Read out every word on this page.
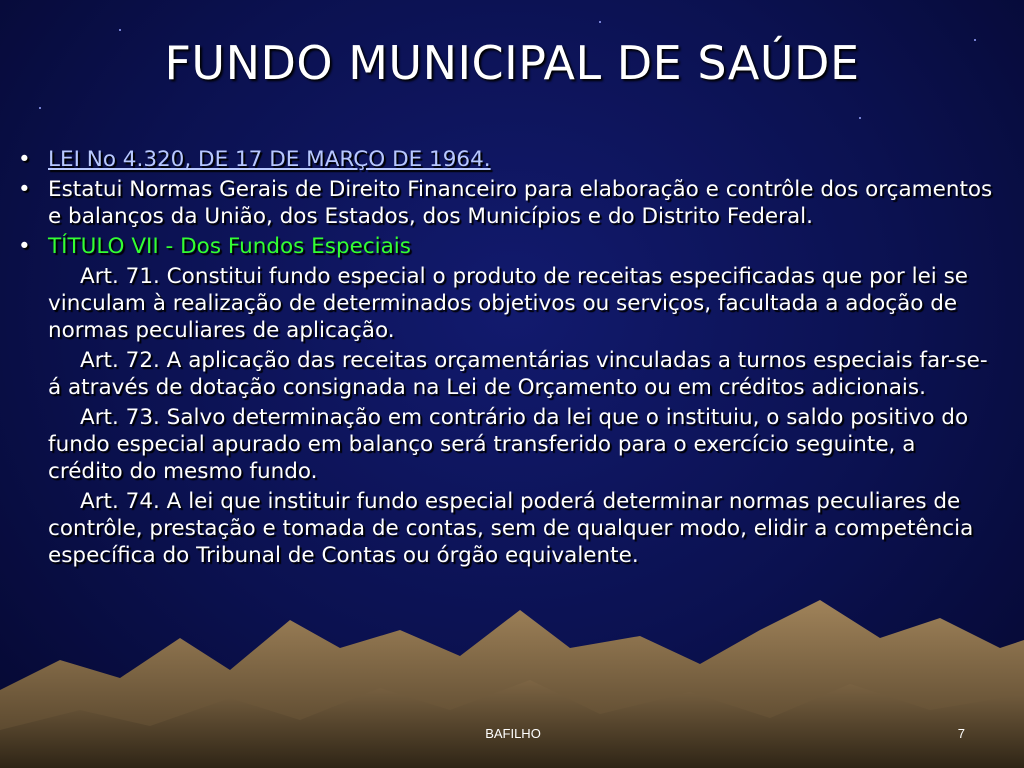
FUNDO MUNICIPAL DE SAÚDE
• LEI No 4.320, DE 17 DE MARÇO DE 1964.
• Estatui Normas Gerais de Direito Financeiro para elaboração e contrôle dos orçamentos e balanços da União, dos Estados, dos Municípios e do Distrito Federal.
• TÍTULO VII - Dos Fundos Especiais

Art. 71. Constitui fundo especial o produto de receitas especificadas que por lei se vinculam à realização de determinados objetivos ou serviços, facultada a adoção de normas peculiares de aplicação.

Art. 72. A aplicação das receitas orçamentárias vinculadas a turnos especiais far-se-á através de dotação consignada na Lei de Orçamento ou em créditos adicionais.

Art. 73. Salvo determinação em contrário da lei que o instituiu, o saldo positivo do fundo especial apurado em balanço será transferido para o exercício seguinte, a crédito do mesmo fundo.

Art. 74. A lei que instituir fundo especial poderá determinar normas peculiares de contrôle, prestação e tomada de contas, sem de qualquer modo, elidir a competência específica do Tribunal de Contas ou órgão equivalente.

BAFILHO	7
